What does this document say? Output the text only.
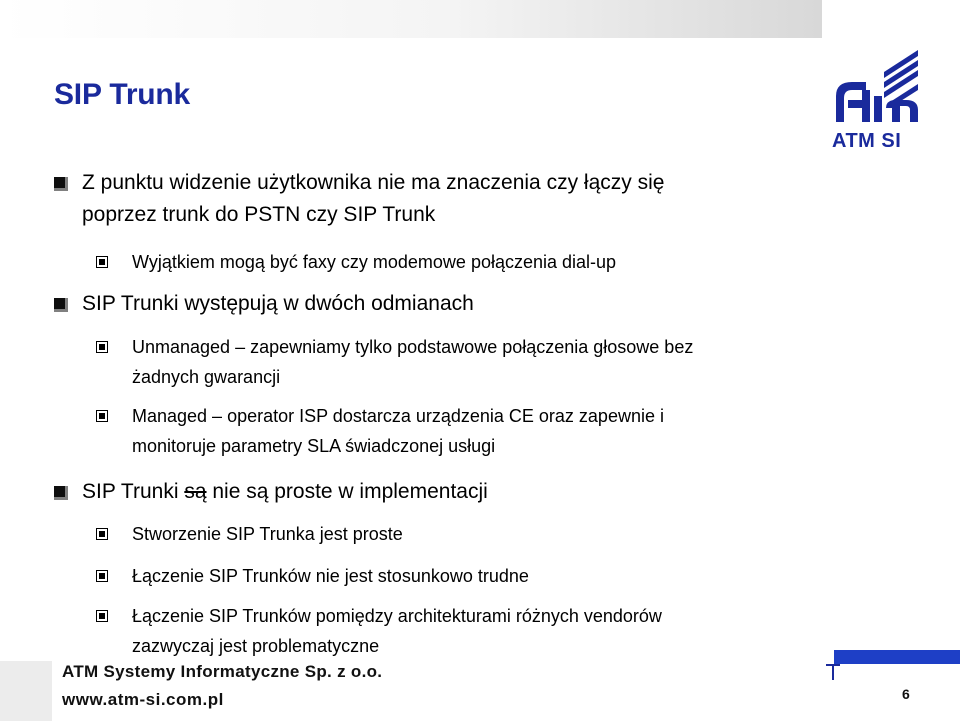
SIP Trunk
ATM SI
Z punktu widzenie użytkownika nie ma znaczenia czy łączy się
poprzez trunk do PSTN czy SIP Trunk
Wyjątkiem mogą być faxy czy modemowe połączenia dial-up
SIP Trunki występują w dwóch odmianach
Unmanaged – zapewniamy tylko podstawowe połączenia głosowe bez
żadnych gwarancji
Managed – operator ISP dostarcza urządzenia CE oraz zapewnie i
monitoruje parametry SLA świadczonej usługi
SIP Trunki są nie są proste w implementacji
Stworzenie SIP Trunka jest proste
Łączenie SIP Trunków nie jest stosunkowo trudne
Łączenie SIP Trunków pomiędzy architekturami różnych vendorów
zazwyczaj jest problematyczne
ATM Systemy Informatyczne Sp. z o.o.
www.atm-si.com.pl	6
